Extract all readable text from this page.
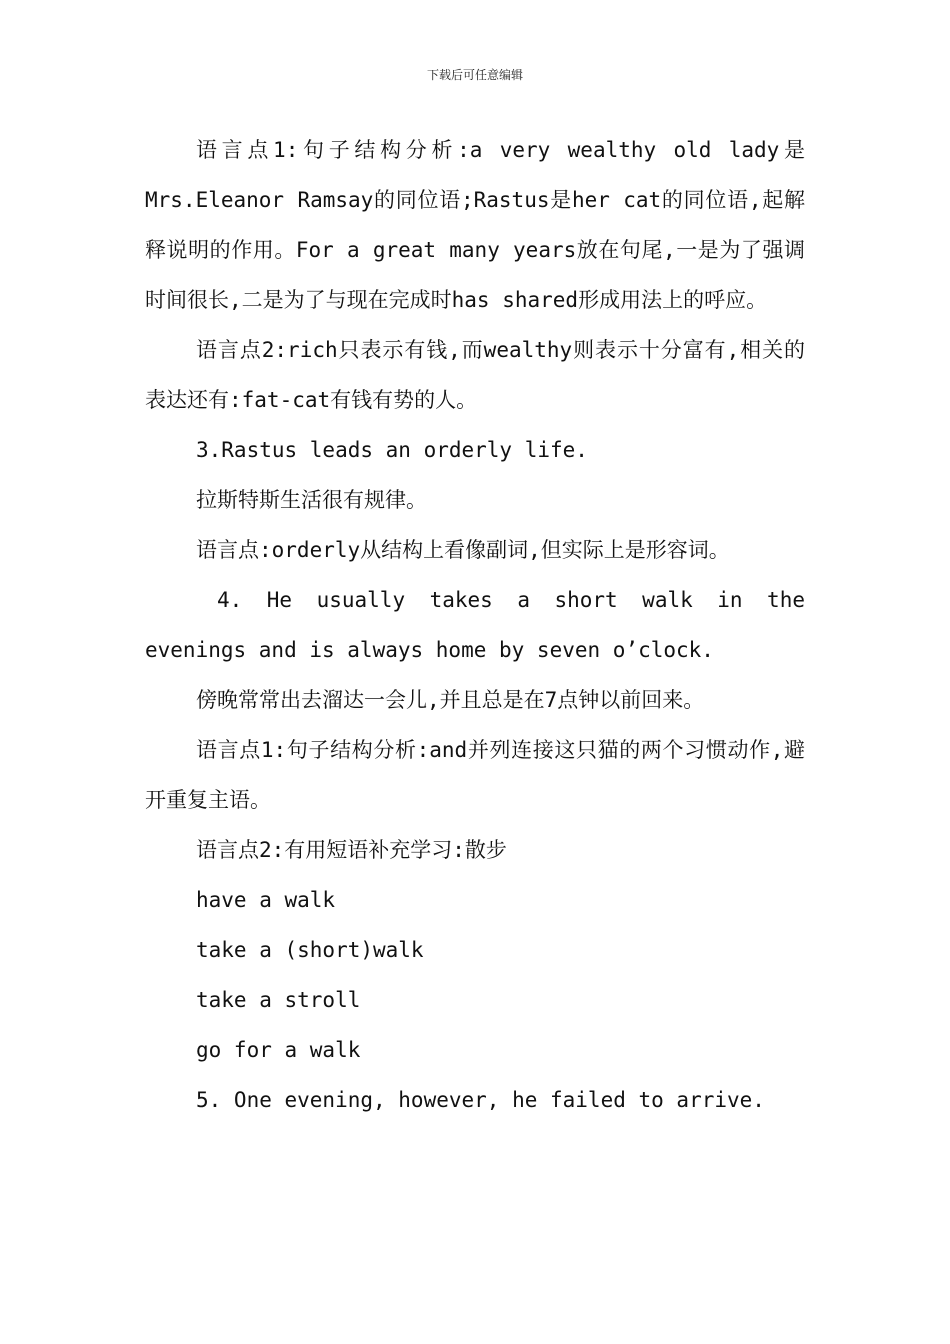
下载后可任意编辑

语言点1:句子结构分析:a very wealthy old lady是Mrs.Eleanor Ramsay的同位语;Rastus是her cat的同位语,起解释说明的作用。For a great many years放在句尾,一是为了强调时间很长,二是为了与现在完成时has shared形成用法上的呼应。

语言点2:rich只表示有钱,而wealthy则表示十分富有,相关的表达还有:fat-cat有钱有势的人。

3.Rastus leads an orderly life.

拉斯特斯生活很有规律。

语言点:orderly从结构上看像副词,但实际上是形容词。

4. He usually takes a short walk in the evenings and is always home by seven o’clock.

傍晚常常出去溜达一会儿,并且总是在7点钟以前回来。

语言点1:句子结构分析:and并列连接这只猫的两个习惯动作,避开重复主语。

语言点2:有用短语补充学习:散步

have a walk

take a (short)walk

take a stroll

go for a walk

5. One evening, however, he failed to arrive.
